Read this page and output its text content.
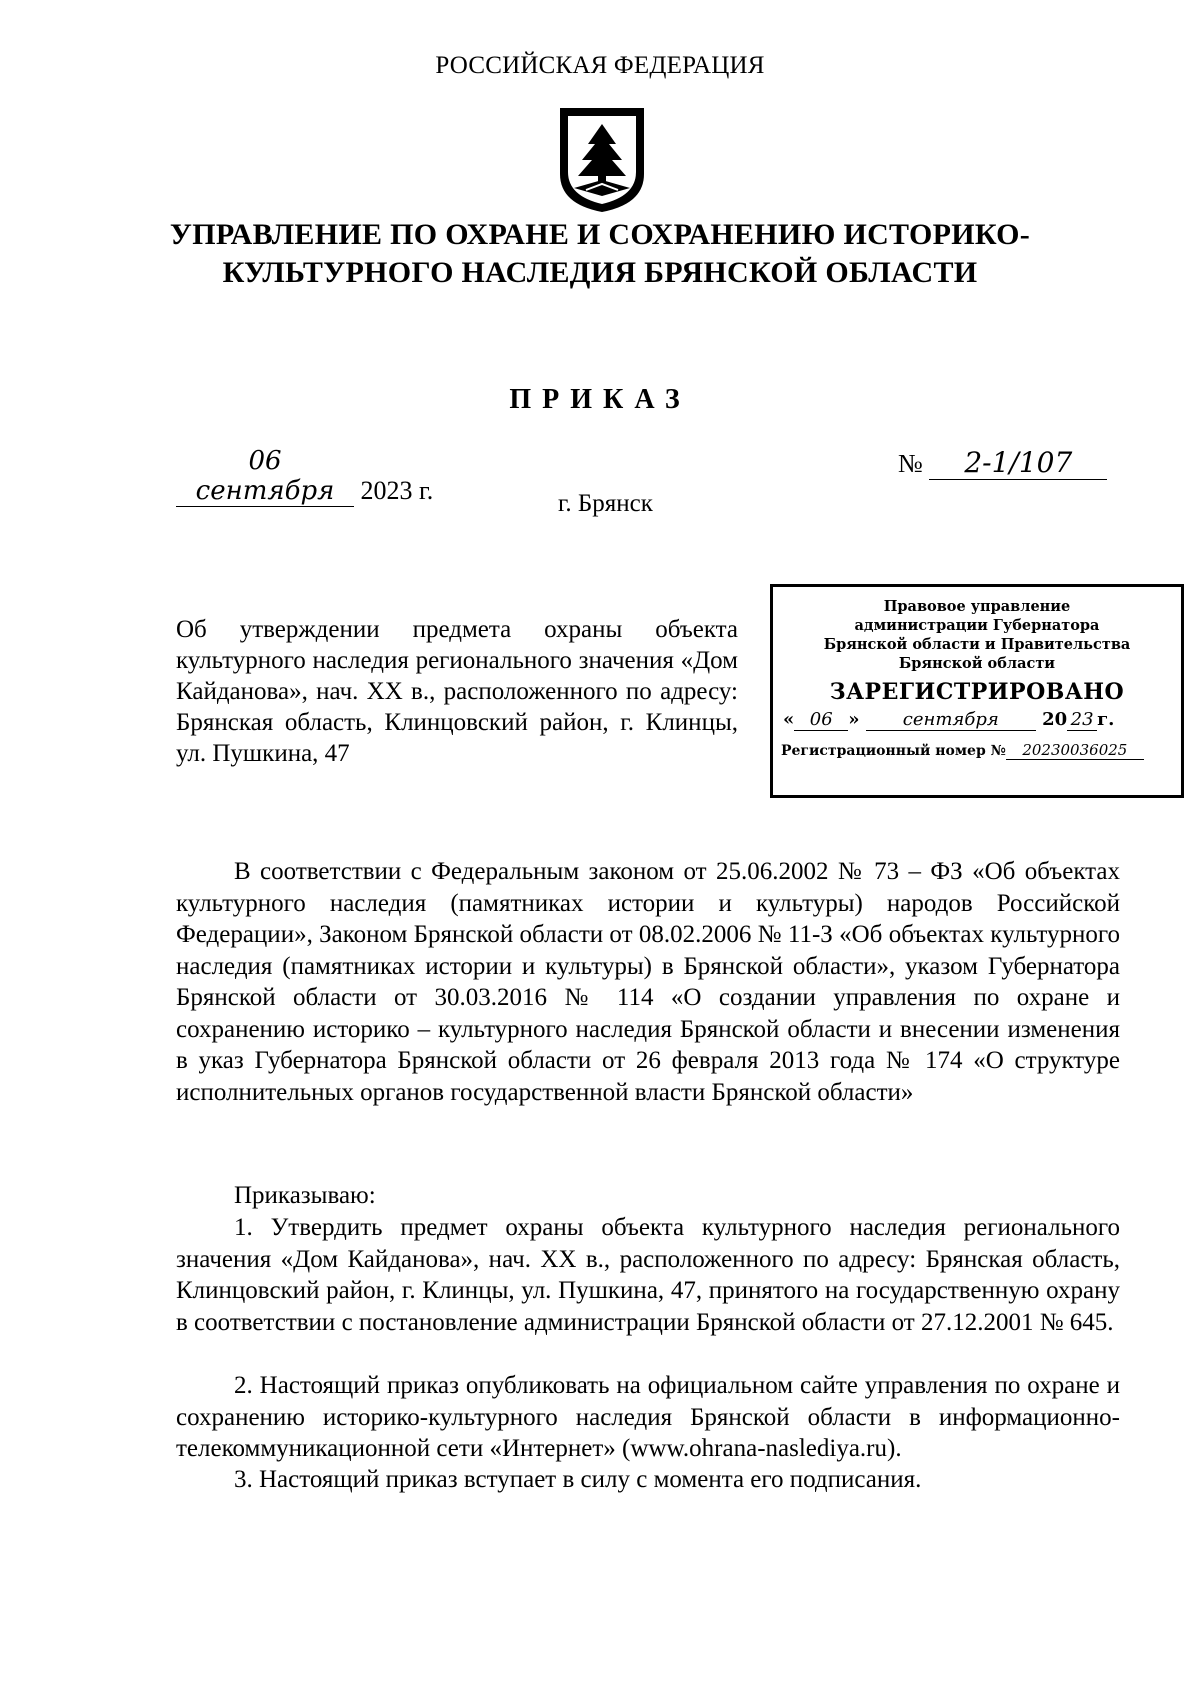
РОССИЙСКАЯ ФЕДЕРАЦИЯ
УПРАВЛЕНИЕ ПО ОХРАНЕ И СОХРАНЕНИЮ ИСТОРИКО-
КУЛЬТУРНОГО НАСЛЕДИЯ БРЯНСКОЙ ОБЛАСТИ
ПРИКАЗ
06 сентября 2023 г.
№ 2-1/107
г. Брянск
Об утверждении предмета охраны объекта культурного наследия регионального значения «Дом Кайданова», нач. XX в., расположенного по адресу: Брянская область, Клинцовский район, г. Клинцы, ул. Пушкина, 47
Правовое управление
администрации Губернатора
Брянской области и Правительства
Брянской области
ЗАРЕГИСТРИРОВАНО
« 06 » сентября 20 23 г.
Регистрационный номер № 20230036025
В соответствии с Федеральным законом от 25.06.2002 № 73 – ФЗ «Об объектах культурного наследия (памятниках истории и культуры) народов Российской Федерации», Законом Брянской области от 08.02.2006 № 11-З «Об объектах культурного наследия (памятниках истории и культуры) в Брянской области», указом Губернатора Брянской области от 30.03.2016 № 114 «О создании управления по охране и сохранению историко – культурного наследия Брянской области и внесении изменения в указ Губернатора Брянской области от 26 февраля 2013 года № 174 «О структуре исполнительных органов государственной власти Брянской области»
Приказываю:
1. Утвердить предмет охраны объекта культурного наследия регионального значения «Дом Кайданова», нач. XX в., расположенного по адресу: Брянская область, Клинцовский район, г. Клинцы, ул. Пушкина, 47, принятого на государственную охрану в соответствии с постановление администрации Брянской области от 27.12.2001 № 645.
2. Настоящий приказ опубликовать на официальном сайте управления по охране и сохранению историко-культурного наследия Брянской области в информационно-телекоммуникационной сети «Интернет» (www.ohrana-naslediya.ru).
3. Настоящий приказ вступает в силу с момента его подписания.
